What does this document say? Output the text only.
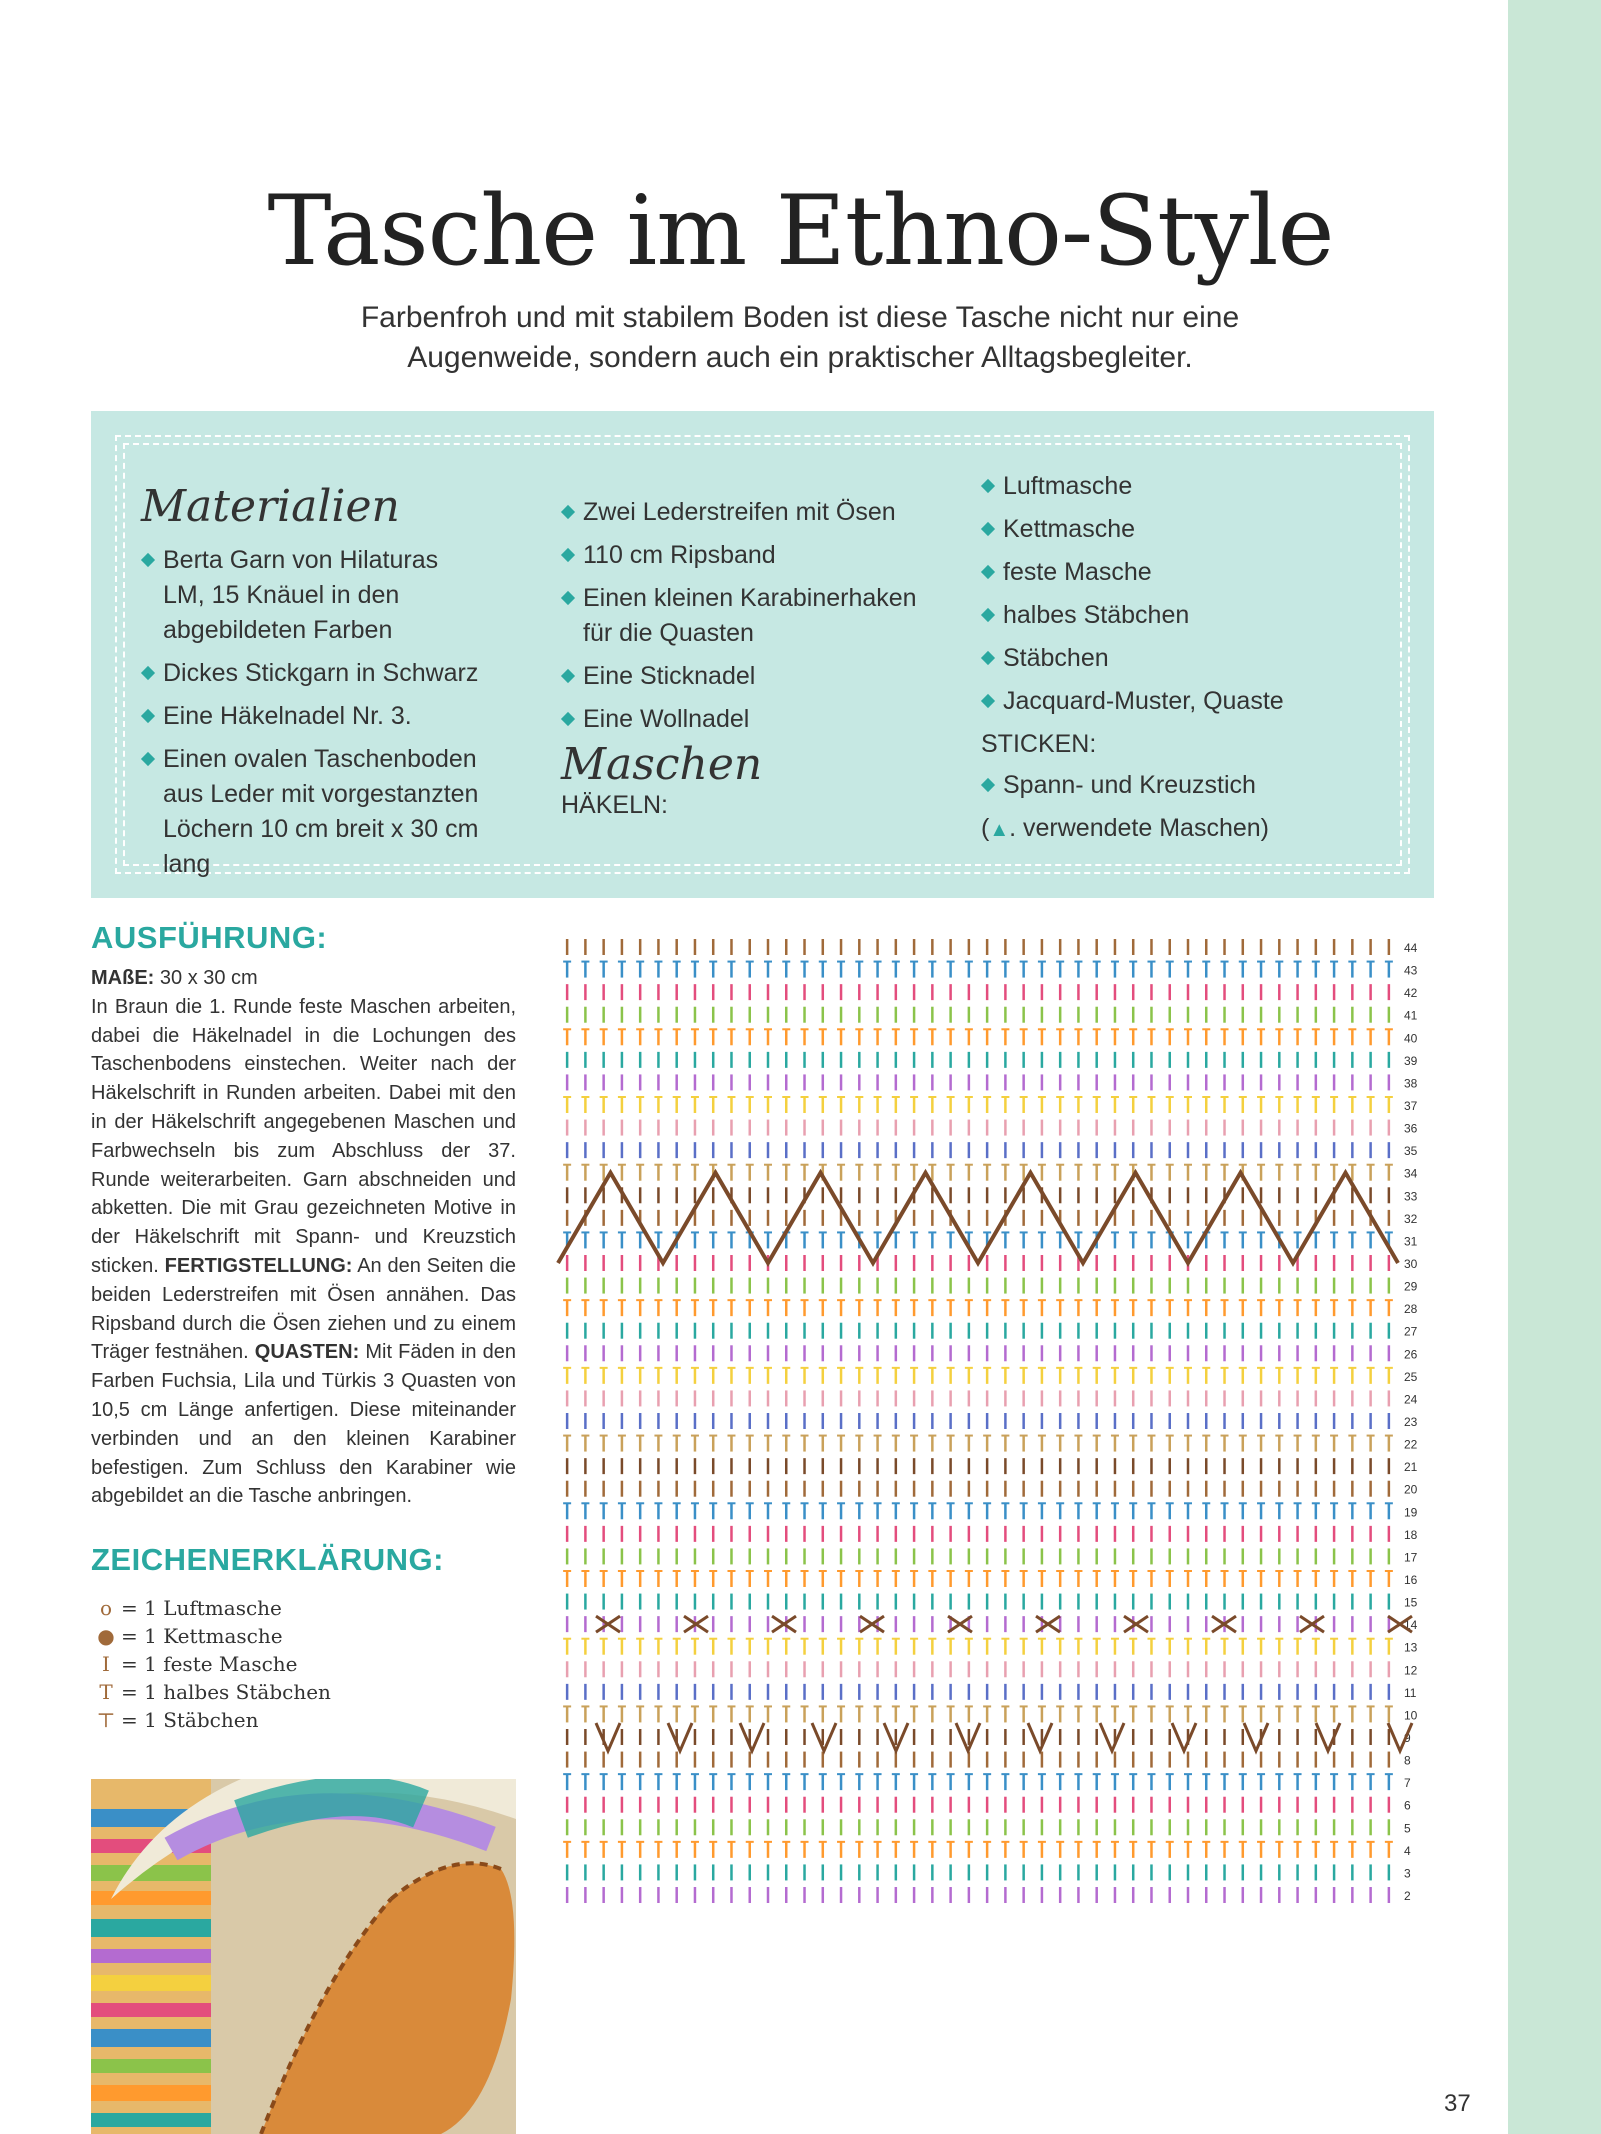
Tasche im Ethno-Style
Farbenfroh und mit stabilem Boden ist diese Tasche nicht nur eine Augenweide, sondern auch ein praktischer Alltagsbegleiter.
Materialien
Berta Garn von Hilaturas LM, 15 Knäuel in den abgebildeten Farben
Dickes Stickgarn in Schwarz
Eine Häkelnadel Nr. 3.
Einen ovalen Taschenboden aus Leder mit vorgestanzten Löchern 10 cm breit x 30 cm lang
Zwei Lederstreifen mit Ösen
110 cm Ripsband
Einen kleinen Karabinerhaken für die Quasten
Eine Sticknadel
Eine Wollnadel
Maschen
HÄKELN:
Luftmasche
Kettmasche
feste Masche
halbes Stäbchen
Stäbchen
Jacquard-Muster, Quaste
STICKEN:
Spann- und Kreuzstich
(▲. verwendete Maschen)
AUSFÜHRUNG:
MAßE: 30 x 30 cm
In Braun die 1. Runde feste Maschen arbeiten, dabei die Häkelnadel in die Lochungen des Taschenbodens einstechen. Weiter nach der Häkelschrift in Runden arbeiten. Dabei mit den in der Häkelschrift angegebenen Maschen und Farbwechseln bis zum Abschluss der 37. Runde weiterarbeiten. Garn abschneiden und abketten. Die mit Grau gezeichneten Motive in der Häkelschrift mit Spann- und Kreuzstich sticken. FERTIGSTELLUNG: An den Seiten die beiden Lederstreifen mit Ösen annähen. Das Ripsband durch die Ösen ziehen und zu einem Träger festnähen. QUASTEN: Mit Fäden in den Farben Fuchsia, Lila und Türkis 3 Quasten von 10,5 cm Länge anfertigen. Diese miteinander verbinden und an den kleinen Karabiner befestigen. Zum Schluss den Karabiner wie abgebildet an die Tasche anbringen.
ZEICHENERKLÄRUNG:
o = 1 Luftmasche
● = 1 Kettmasche
I = 1 feste Masche
T = 1 halbes Stäbchen
⊤ = 1 Stäbchen
44
43
42
41
40
39
38
37
36
35
34
33
32
31
30
29
28
27
26
25
24
23
22
21
20
19
18
17
16
15
14
13
12
11
10
9
8
7
6
5
4
3
2
37
